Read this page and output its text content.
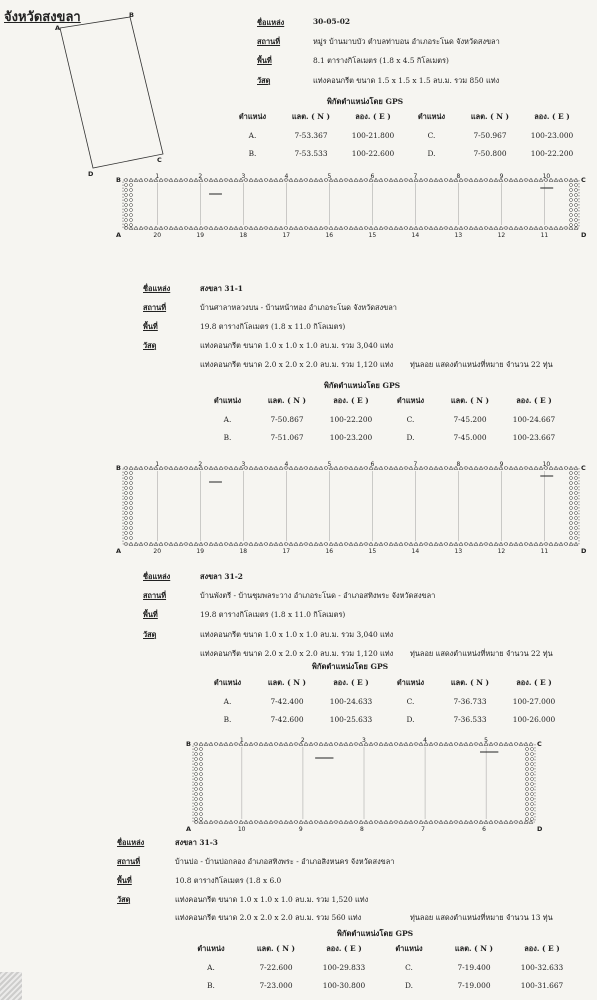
จังหวัดสงขลา
A
B
C
D
ชื่อแหล่ง	30-05-02
สถานที่	หมู่ร บ้านมาบบัว ตำบลท่าบอน อำเภอระโนด จังหวัดสงขลา
พื้นที่	8.1 ตารางกิโลเมตร (1.8 x 4.5 กิโลเมตร)
วัสดุ	แท่งคอนกรีต ขนาด 1.5 x 1.5 x 1.5 ลบ.ม. รวม 850 แท่ง
พิกัดตำแหน่งโดย GPS
ตำแหน่ง	แลต. ( N )	ลอง. ( E )	ตำแหน่ง	แลต. ( N )	ลอง. ( E )
A.	7-53.367	100-21.800	C.	7-50.967	100-23.000
B.	7-53.533	100-22.600	D.	7-50.800	100-22.200
1
20
2
19
3
18
4
17
5
16
6
15
7
14
8
13
9
12
10
11
B	C
A	D
ชื่อแหล่ง	สงขลา 31-1
สถานที่	บ้านศาลาหลวงบน - บ้านหน้าทอง อำเภอระโนด จังหวัดสงขลา
พื้นที่	19.8 ตารางกิโลเมตร (1.8 x 11.0 กิโลเมตร)
วัสดุ	แท่งคอนกรีต ขนาด 1.0 x 1.0 x 1.0 ลบ.ม. รวม 3,040 แท่ง
แท่งคอนกรีต ขนาด 2.0 x 2.0 x 2.0 ลบ.ม. รวม 1,120 แท่ง ทุ่นลอย แสดงตำแหน่งที่หมาย จำนวน 22 ทุ่น
พิกัดตำแหน่งโดย GPS
ตำแหน่ง	แลต. ( N )	ลอง. ( E )	ตำแหน่ง	แลต. ( N )	ลอง. ( E )
A.	7-50.867	100-22.200	C.	7-45.200	100-24.667
B.	7-51.067	100-23.200	D.	7-45.000	100-23.667
1
20
2
19
3
18
4
17
5
16
6
15
7
14
8
13
9
12
10
11
B	C
A	D
ชื่อแหล่ง	สงขลา 31-2
สถานที่	บ้านพังตรี - บ้านชุมพลระวาง อำเภอระโนด - อำเภอสทิงพระ จังหวัดสงขลา
พื้นที่	19.8 ตารางกิโลเมตร (1.8 x 11.0 กิโลเมตร)
วัสดุ	แท่งคอนกรีต ขนาด 1.0 x 1.0 x 1.0 ลบ.ม. รวม 3,040 แท่ง
แท่งคอนกรีต ขนาด 2.0 x 2.0 x 2.0 ลบ.ม. รวม 1,120 แท่ง ทุ่นลอย แสดงตำแหน่งที่หมาย จำนวน 22 ทุ่น
พิกัดตำแหน่งโดย GPS
ตำแหน่ง	แลต. ( N )	ลอง. ( E )	ตำแหน่ง	แลต. ( N )	ลอง. ( E )
A.	7-42.400	100-24.633	C.	7-36.733	100-27.000
B.	7-42.600	100-25.633	D.	7-36.533	100-26.000
1
10
2
9
3
8
4
7
5
6
B	C
A	D
ชื่อแหล่ง	สงขลา 31-3
สถานที่	บ้านบ่อ - บ้านบ่อกลอง อำเภอสทิงพระ - อำเภอสิงหนคร จังหวัดสงขลา
พื้นที่	10.8 ตารางกิโลเมตร (1.8 x 6.0
วัสดุ	แท่งคอนกรีต ขนาด 1.0 x 1.0 x 1.0 ลบ.ม. รวม 1,520 แท่ง
แท่งคอนกรีต ขนาด 2.0 x 2.0 x 2.0 ลบ.ม. รวม 560 แท่ง	ทุ่นลอย แสดงตำแหน่งที่หมาย จำนวน 13 ทุ่น
พิกัดตำแหน่งโดย GPS
ตำแหน่ง	แลต. ( N )	ลอง. ( E )	ตำแหน่ง	แลต. ( N )	ลอง. ( E )
A.	7-22.600	100-29.833	C.	7-19.400	100-32.633
B.	7-23.000	100-30.800	D.	7-19.000	100-31.667
